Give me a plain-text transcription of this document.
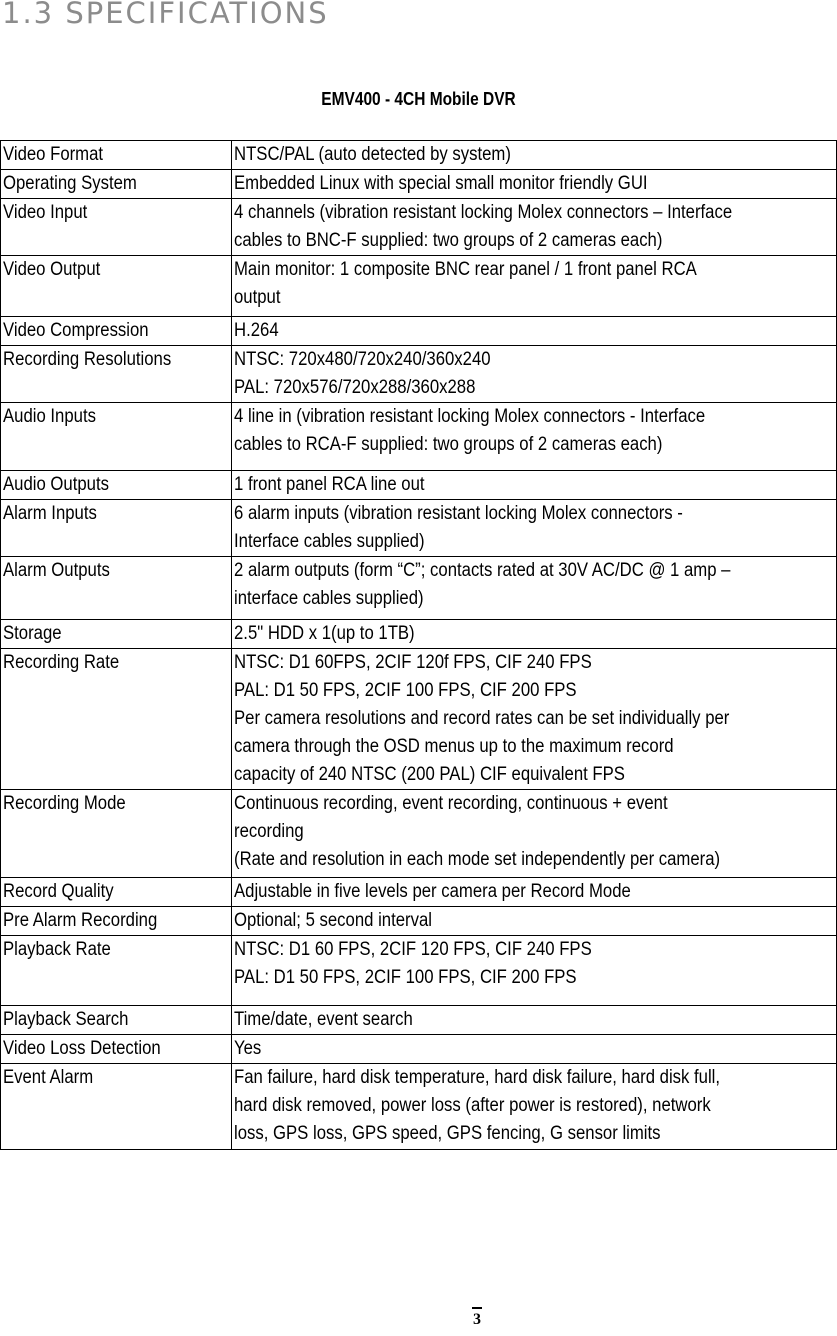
1.3 SPECIFICATIONS
EMV400 - 4CH Mobile DVR
Video Format	NTSC/PAL (auto detected by system)

Operating System	Embedded Linux with special small monitor friendly GUI

Video Input	4 channels (vibration resistant locking Molex connectors – Interface
cables to BNC-F supplied: two groups of 2 cameras each)

Video Output	Main monitor: 1 composite BNC rear panel / 1 front panel RCA
output

Video Compression	H.264

Recording Resolutions	NTSC: 720x480/720x240/360x240
PAL: 720x576/720x288/360x288

Audio Inputs	4 line in (vibration resistant locking Molex connectors - Interface
cables to RCA-F supplied: two groups of 2 cameras each)

Audio Outputs	1 front panel RCA line out

Alarm Inputs	6 alarm inputs (vibration resistant locking Molex connectors -
Interface cables supplied)

Alarm Outputs	2 alarm outputs (form “C”; contacts rated at 30V AC/DC @ 1 amp –
interface cables supplied)

Storage	2.5" HDD x 1(up to 1TB)

Recording Rate	NTSC: D1 60FPS, 2CIF 120f FPS, CIF 240 FPS
PAL: D1 50 FPS, 2CIF 100 FPS, CIF 200 FPS
Per camera resolutions and record rates can be set individually per
camera through the OSD menus up to the maximum record
capacity of 240 NTSC (200 PAL) CIF equivalent FPS

Recording Mode	Continuous recording, event recording, continuous + event
recording
(Rate and resolution in each mode set independently per camera)

Record Quality	Adjustable in five levels per camera per Record Mode

Pre Alarm Recording	Optional; 5 second interval

Playback Rate	NTSC: D1 60 FPS, 2CIF 120 FPS, CIF 240 FPS
PAL: D1 50 FPS, 2CIF 100 FPS, CIF 200 FPS

Playback Search	Time/date, event search

Video Loss Detection	Yes

Event Alarm	Fan failure, hard disk temperature, hard disk failure, hard disk full,
hard disk removed, power loss (after power is restored), network
loss, GPS loss, GPS speed, GPS fencing, G sensor limits
3
